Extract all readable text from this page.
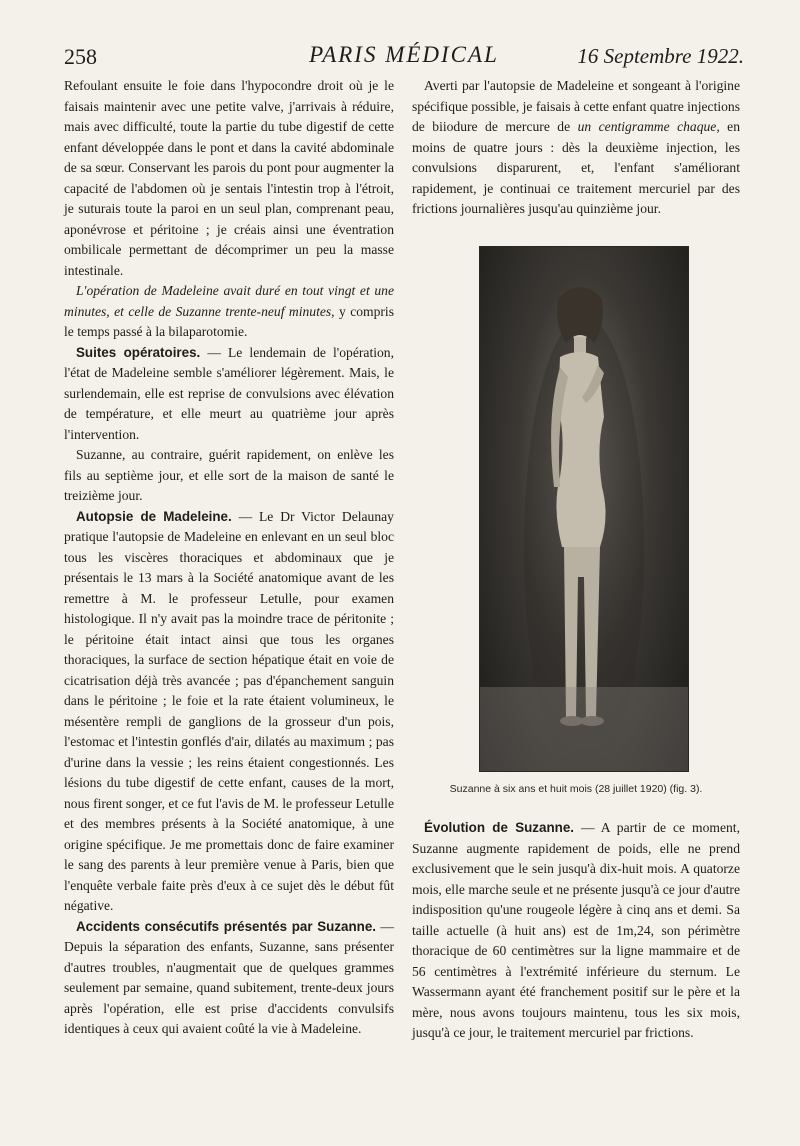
258	PARIS MÉDICAL	16 Septembre 1922.

Refoulant ensuite le foie dans l'hypocondre droit où je le faisais maintenir avec une petite valve, j'arrivais à réduire, mais avec difficulté, toute la partie du tube digestif de cette enfant développée dans le pont et dans la cavité abdominale de sa sœur. Conservant les parois du pont pour augmenter la capacité de l'abdomen où je sentais l'intestin trop à l'étroit, je suturais toute la paroi en un seul plan, comprenant peau, aponévrose et péritoine ; je créais ainsi une éventration ombilicale permettant de décomprimer un peu la masse intestinale.

L'opération de Madeleine avait duré en tout vingt et une minutes, et celle de Suzanne trente-neuf minutes, y compris le temps passé à la bilaparotomie.

Suites opératoires. — Le lendemain de l'opération, l'état de Madeleine semble s'améliorer légèrement. Mais, le surlendemain, elle est reprise de convulsions avec élévation de température, et elle meurt au quatrième jour après l'intervention.

Suzanne, au contraire, guérit rapidement, on enlève les fils au septième jour, et elle sort de la maison de santé le treizième jour.

Autopsie de Madeleine. — Le Dr Victor Delaunay pratique l'autopsie de Madeleine en enlevant en un seul bloc tous les viscères thoraciques et abdominaux que je présentais le 13 mars à la Société anatomique avant de les remettre à M. le professeur Letulle, pour examen histologique. Il n'y avait pas la moindre trace de péritonite ; le péritoine était intact ainsi que tous les organes thoraciques, la surface de section hépatique était en voie de cicatrisation déjà très avancée ; pas d'épanchement sanguin dans le péritoine ; le foie et la rate étaient volumineux, le mésentère rempli de ganglions de la grosseur d'un pois, l'estomac et l'intestin gonflés d'air, dilatés au maximum ; pas d'urine dans la vessie ; les reins étaient congestionnés. Les lésions du tube digestif de cette enfant, causes de la mort, nous firent songer, et ce fut l'avis de M. le professeur Letulle et des membres présents à la Société anatomique, à une origine spécifique. Je me promettais donc de faire examiner le sang des parents à leur première venue à Paris, bien que l'enquête verbale faite près d'eux à ce sujet dès le début fût négative.

Accidents consécutifs présentés par Suzanne. — Depuis la séparation des enfants, Suzanne, sans présenter d'autres troubles, n'augmentait que de quelques grammes seulement par semaine, quand subitement, trente-deux jours après l'opération, elle est prise d'accidents convulsifs identiques à ceux qui avaient coûté la vie à Madeleine.

Averti par l'autopsie de Madeleine et songeant à l'origine spécifique possible, je faisais à cette enfant quatre injections de biiodure de mercure de un centigramme chaque, en moins de quatre jours : dès la deuxième injection, les convulsions disparurent, et, l'enfant s'améliorant rapidement, je continuai ce traitement mercuriel par des frictions journalières jusqu'au quinzième jour.

Suzanne à six ans et huit mois (28 juillet 1920) (fig. 3).

Évolution de Suzanne. — A partir de ce moment, Suzanne augmente rapidement de poids, elle ne prend exclusivement que le sein jusqu'à dix-huit mois. A quatorze mois, elle marche seule et ne présente jusqu'à ce jour d'autre indisposition qu'une rougeole légère à cinq ans et demi. Sa taille actuelle (à huit ans) est de 1m,24, son périmètre thoracique de 60 centimètres sur la ligne mammaire et de 56 centimètres à l'extrémité inférieure du sternum. Le Wassermann ayant été franchement positif sur le père et la mère, nous avons toujours maintenu, tous les six mois, jusqu'à ce jour, le traitement mercuriel par frictions.
